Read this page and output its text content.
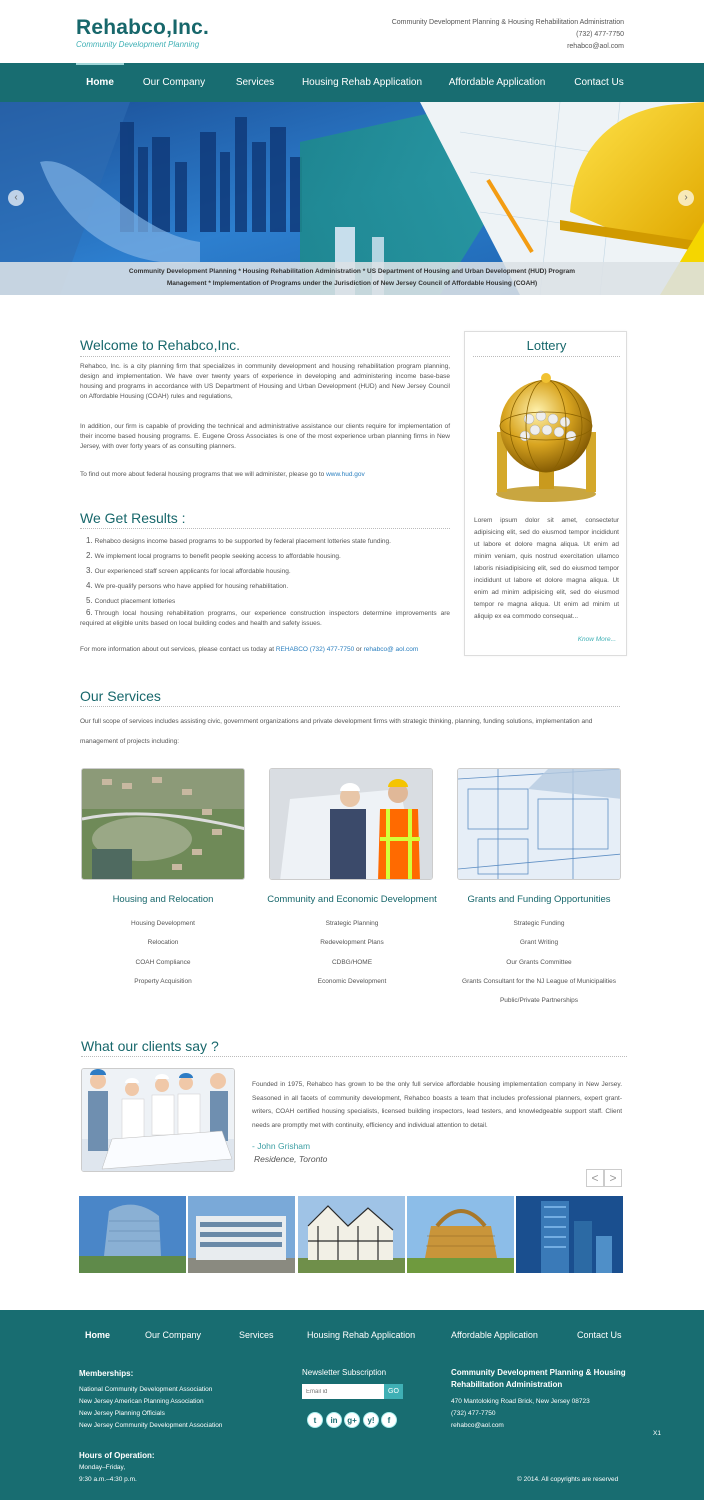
Rehabco,Inc.
Community Development Planning
Community Development Planning & Housing Rehabilitation Administration
(732) 477-7750
rehabco@aol.com
Home	Our Company	Services	Housing Rehab Application	Affordable Application	Contact Us
‹	›
Community Development Planning * Housing Rehabilitation Administration * US Department of Housing and Urban Development (HUD) Program
Management * Implementation of Programs under the Jurisdiction of New Jersey Council of Affordable Housing (COAH)
Welcome to Rehabco,Inc.
Rehabco, Inc. is a city planning firm that specializes in community development and housing rehabilitation program planning, design and implementation. We have over twenty years of experience in developing and administering income base-base housing and programs in accordance with US Department of Housing and Urban Development (HUD) and New Jersey Council on Affordable Housing (COAH) rules and regulations,
In addition, our firm is capable of providing the technical and administrative assistance our clients require for implementation of their income based housing programs. E. Eugene Oross Associates is one of the most experience urban planning firms in New Jersey, with over forty years of as consulting planners.
To find out more about federal housing programs that we will administer, please go to www.hud.gov
We Get Results :
1. Rehabco designs income based programs to be supported by federal placement lotteries state funding.
2. We implement local programs to benefit people seeking access to affordable housing.
3. Our experienced staff screen applicants for local affordable housing.
4. We pre-qualify persons who have applied for housing rehabilitation.
5. Conduct placement lotteries
6. Through local housing rehabilitation programs, our experience construction inspectors determine improvements are required at eligible units based on local building codes and health and safety issues.
For more information about out services, please contact us today at REHABCO (732) 477-7750 or rehabco@ aol.com
Lottery
Lorem ipsum dolor sit amet, consectetur adipisicing elit, sed do eiusmod tempor incididunt ut labore et dolore magna aliqua. Ut enim ad minim veniam, quis nostrud exercitation ullamco laboris nisiadipisicing elit, sed do eiusmod tempor incididunt ut labore et dolore magna aliqua. Ut enim ad minim adipisicing elit, sed do eiusmod tempor re magna aliqua. Ut enim ad minim ut aliquip ex ea commodo consequat...
Know More...
Our Services
Our full scope of services includes assisting civic, government organizations and private development firms with strategic thinking, planning, funding solutions, implementation and management of projects including:
Housing and Relocation
Housing Development
Relocation
COAH Compliance
Property Acquisition
Community and Economic Development
Strategic Planning
Redevelopment Plans
CDBG/HOME
Economic Development
Grants and Funding Opportunities
Strategic Funding
Grant Writing
Our Grants Committee
Grants Consultant for the NJ League of Municipalities
Public/Private Partnerships
What our clients say ?
Founded in 1975, Rehabco has grown to be the only full service affordable housing implementation company in New Jersey. Seasoned in all facets of community development, Rehabco boasts a team that includes professional planners, expert grant-writers, COAH certified housing specialists, licensed building inspectors, lead testers, and knowledgeable support staff. Client needs are promptly met with continuity, efficiency and individual attention to detail.
- John Grisham
Residence, Toronto
< >
Home	Our Company	Services	Housing Rehab Application	Affordable Application	Contact Us
Memberships:
National Community Development Association
New Jersey American Planning Association
New Jersey Planning Officials
New Jersey Community Development Association
Newsletter Subscription
Email id
GO
t	in	g+	y!	f
Community Development Planning & Housing
Rehabilitation Administration
470 Mantoloking Road Brick, New Jersey 08723
(732) 477-7750
rehabco@aol.com
X1
Hours of Operation:
Monday–Friday,
9:30 a.m.–4:30 p.m.	© 2014. All copyrights are reserved
